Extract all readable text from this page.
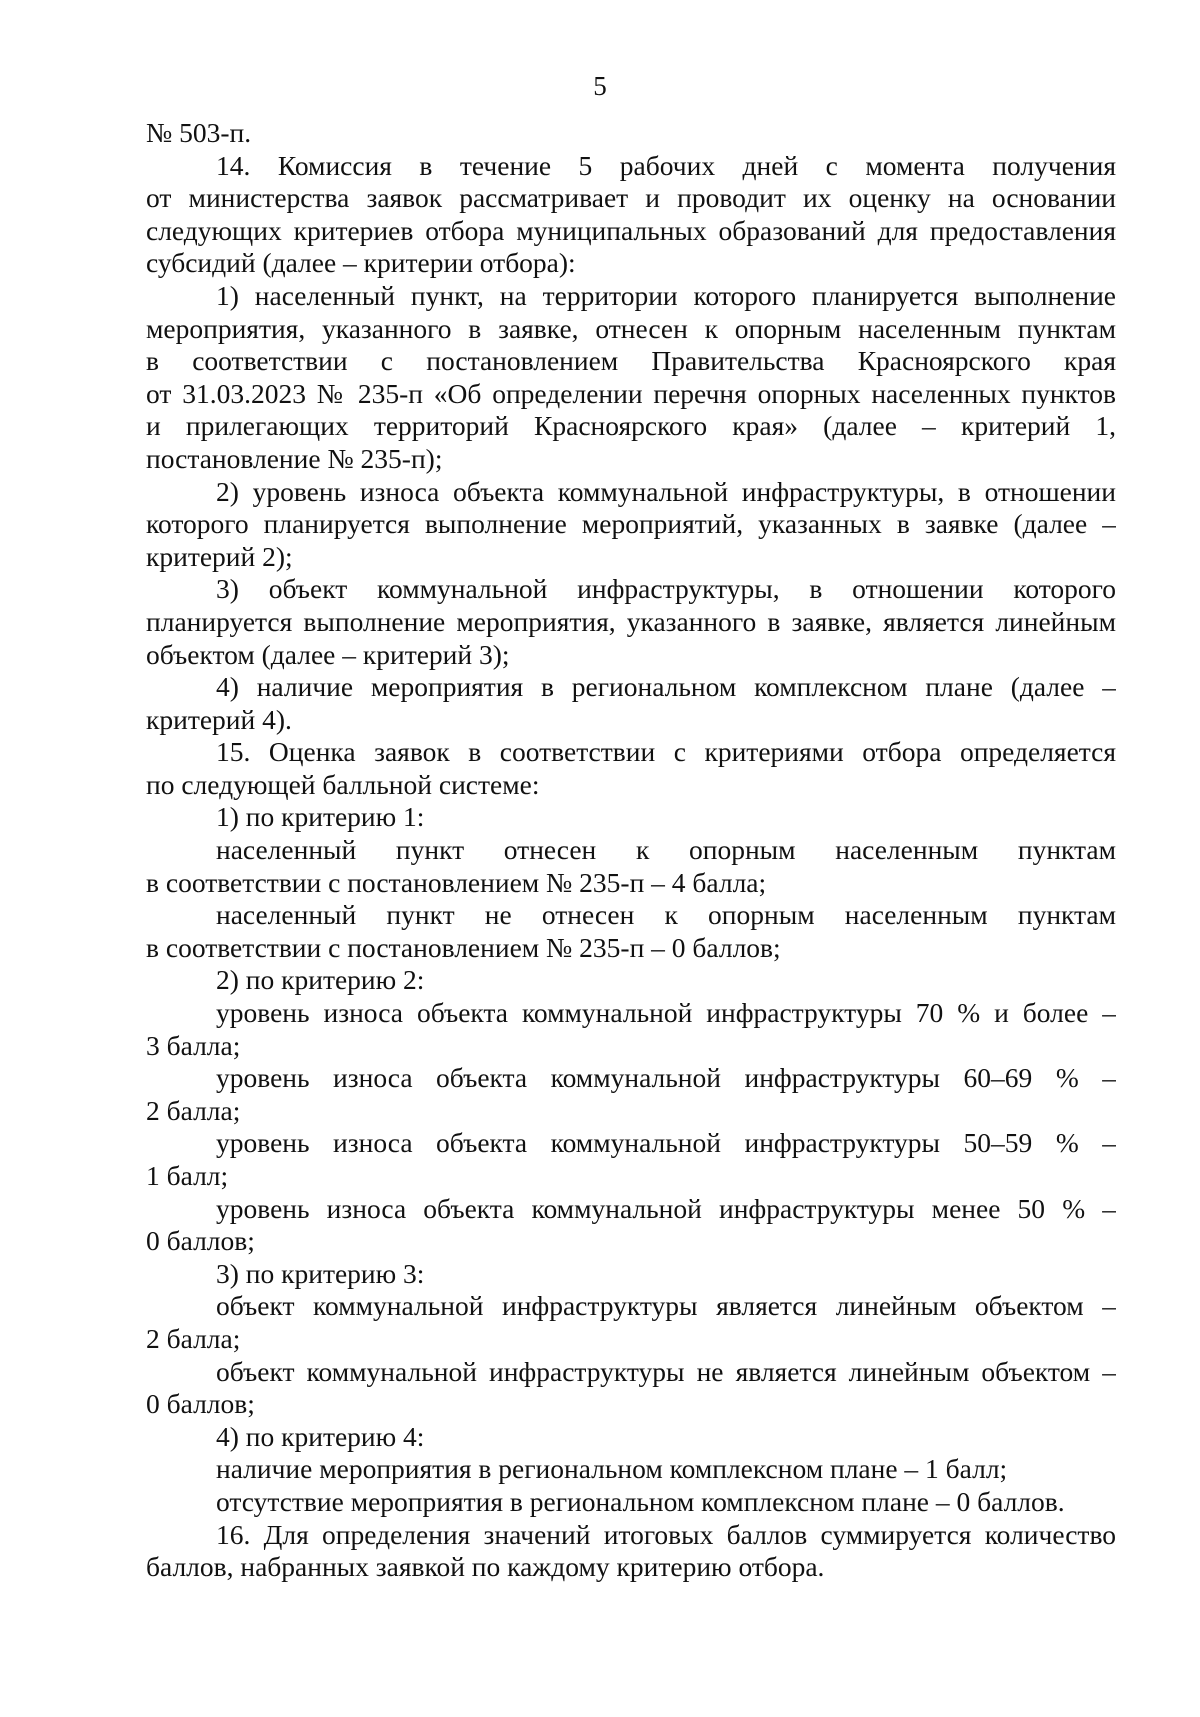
5
№ 503-п.
14. Комиссия в течение 5 рабочих дней с момента получения
от министерства заявок рассматривает и проводит их оценку на основании
следующих критериев отбора муниципальных образований для предоставления
субсидий (далее – критерии отбора):
1) населенный пункт, на территории которого планируется выполнение
мероприятия, указанного в заявке, отнесен к опорным населенным пунктам
в соответствии с постановлением Правительства Красноярского края
от 31.03.2023 № 235-п «Об определении перечня опорных населенных пунктов
и прилегающих территорий Красноярского края» (далее – критерий 1,
постановление № 235-п);
2) уровень износа объекта коммунальной инфраструктуры, в отношении
которого планируется выполнение мероприятий, указанных в заявке (далее –
критерий 2);
3) объект коммунальной инфраструктуры, в отношении которого
планируется выполнение мероприятия, указанного в заявке, является линейным
объектом (далее – критерий 3);
4) наличие мероприятия в региональном комплексном плане (далее –
критерий 4).
15. Оценка заявок в соответствии с критериями отбора определяется
по следующей балльной системе:
1) по критерию 1:
населенный пункт отнесен к опорным населенным пунктам
в соответствии с постановлением № 235-п – 4 балла;
населенный пункт не отнесен к опорным населенным пунктам
в соответствии с постановлением № 235-п – 0 баллов;
2) по критерию 2:
уровень износа объекта коммунальной инфраструктуры 70 % и более –
3 балла;
уровень износа объекта коммунальной инфраструктуры 60–69 % –
2 балла;
уровень износа объекта коммунальной инфраструктуры 50–59 % –
1 балл;
уровень износа объекта коммунальной инфраструктуры менее 50 % –
0 баллов;
3) по критерию 3:
объект коммунальной инфраструктуры является линейным объектом –
2 балла;
объект коммунальной инфраструктуры не является линейным объектом –
0 баллов;
4) по критерию 4:
наличие мероприятия в региональном комплексном плане – 1 балл;
отсутствие мероприятия в региональном комплексном плане – 0 баллов.
16. Для определения значений итоговых баллов суммируется количество
баллов, набранных заявкой по каждому критерию отбора.
